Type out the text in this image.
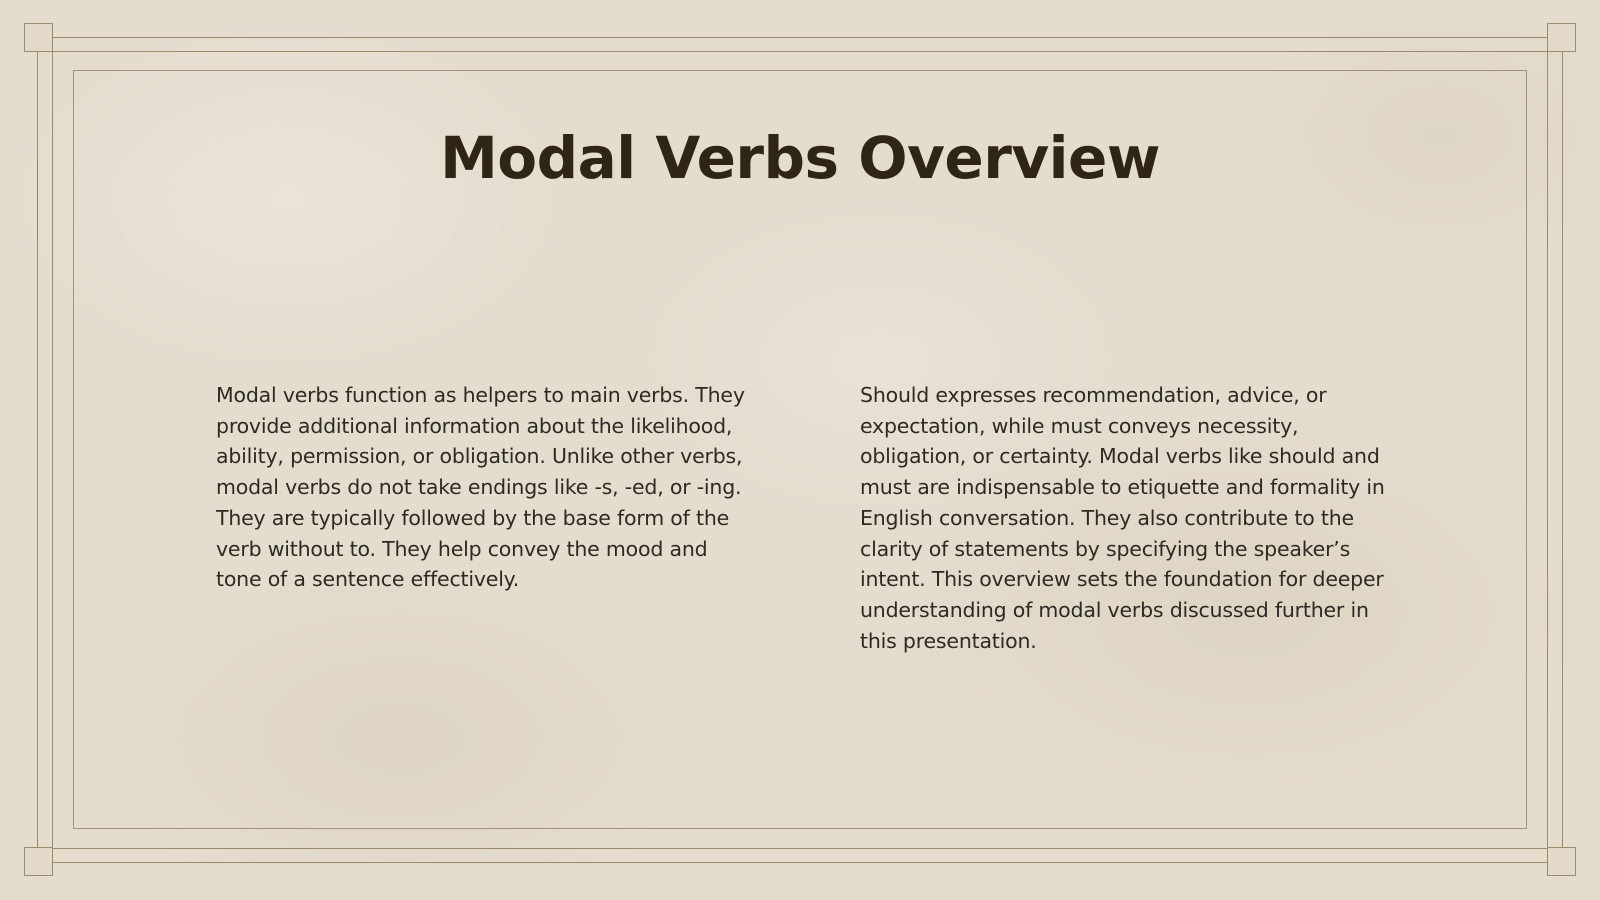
Modal Verbs Overview

Modal verbs function as helpers to main verbs. They provide additional information about the likelihood, ability, permission, or obligation. Unlike other verbs, modal verbs do not take endings like -s, -ed, or -ing. They are typically followed by the base form of the verb without to. They help convey the mood and tone of a sentence effectively.

Should expresses recommendation, advice, or expectation, while must conveys necessity, obligation, or certainty. Modal verbs like should and must are indispensable to etiquette and formality in English conversation. They also contribute to the clarity of statements by specifying the speaker’s intent. This overview sets the foundation for deeper understanding of modal verbs discussed further in this presentation.
